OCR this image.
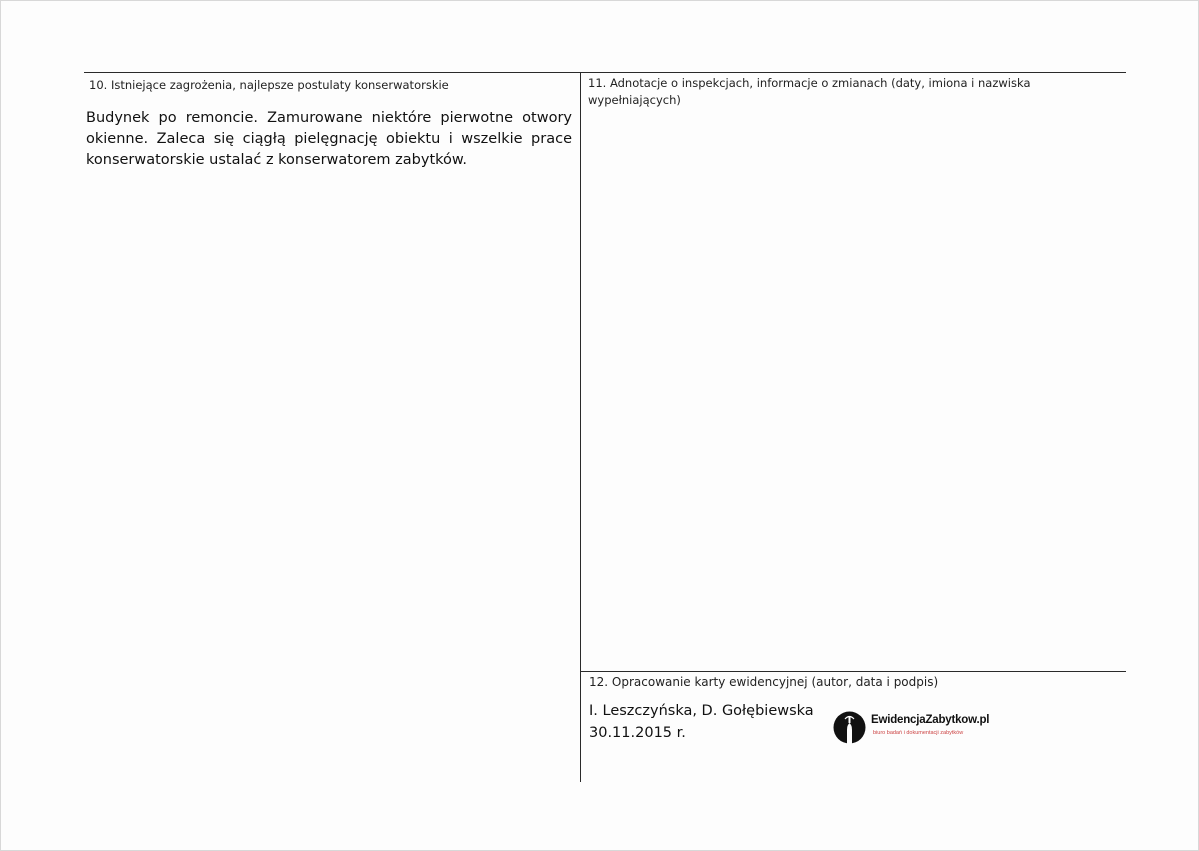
10. Istniejące zagrożenia, najlepsze postulaty konserwatorskie
Budynek po remoncie. Zamurowane niektóre pierwotne otwory okienne. Zaleca się ciągłą pielęgnację obiektu i wszelkie prace konserwatorskie ustalać z konserwatorem zabytków.
11. Adnotacje o inspekcjach, informacje o zmianach (daty, imiona i nazwiska wypełniających)
12. Opracowanie karty ewidencyjnej (autor, data i podpis)
I. Leszczyńska, D. Gołębiewska
30.11.2015 r.
EwidencjaZabytkow.pl
biuro badań i dokumentacji zabytków
